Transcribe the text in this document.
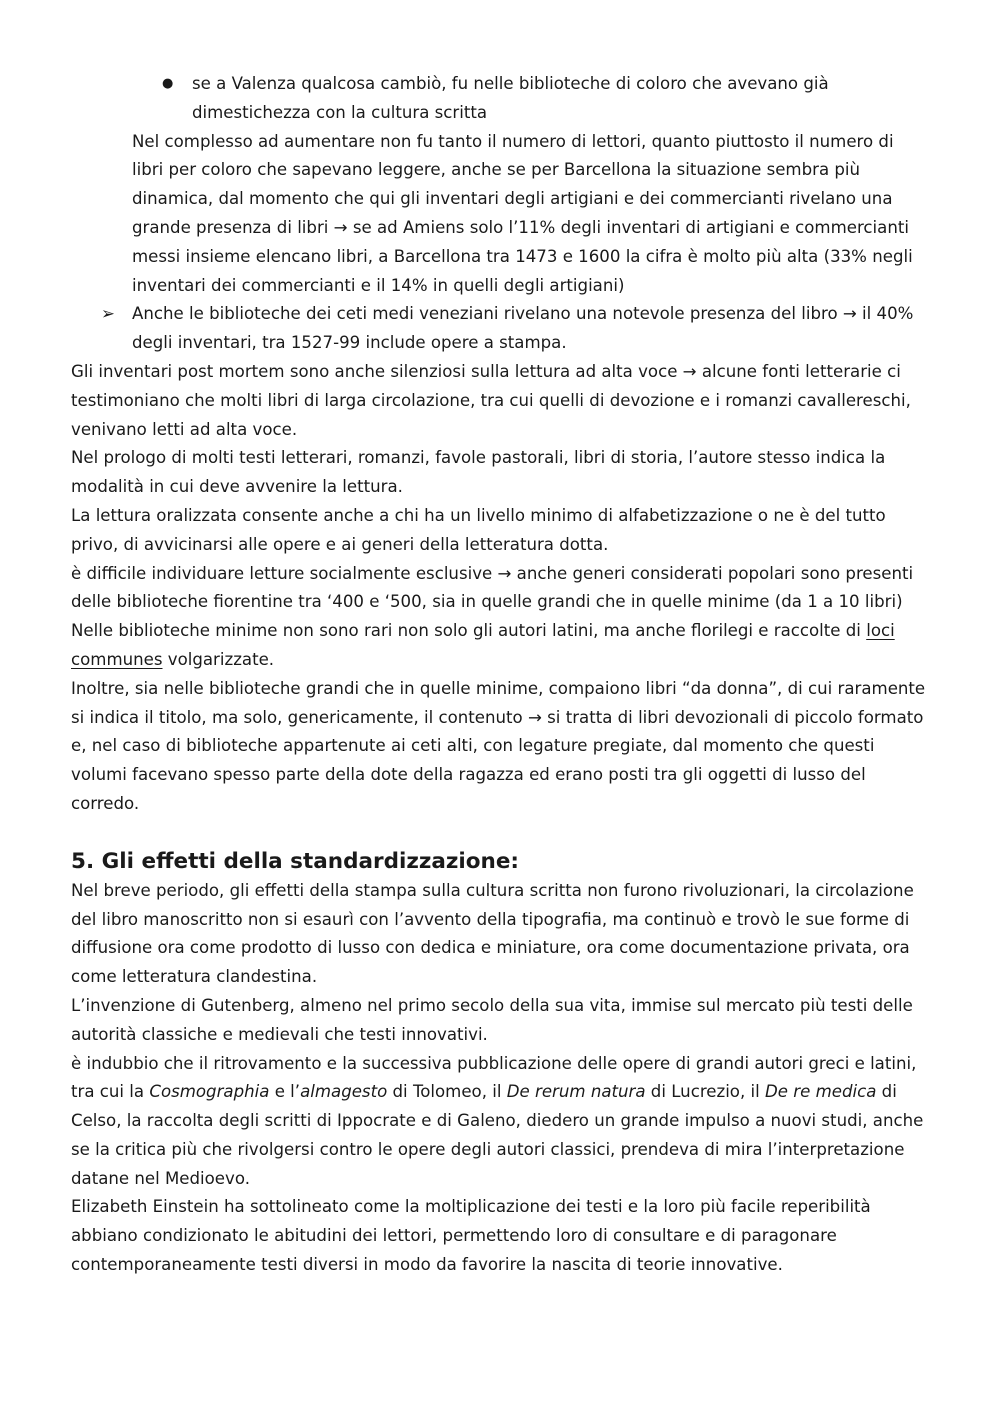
● se a Valenza qualcosa cambiò, fu nelle biblioteche di coloro che avevano già dimestichezza con la cultura scritta

Nel complesso ad aumentare non fu tanto il numero di lettori, quanto piuttosto il numero di libri per coloro che sapevano leggere, anche se per Barcellona la situazione sembra più dinamica, dal momento che qui gli inventari degli artigiani e dei commercianti rivelano una grande presenza di libri → se ad Amiens solo l’11% degli inventari di artigiani e commercianti messi insieme elencano libri, a Barcellona tra 1473 e 1600 la cifra è molto più alta (33% negli inventari dei commercianti e il 14% in quelli degli artigiani)

➢ Anche le biblioteche dei ceti medi veneziani rivelano una notevole presenza del libro → il 40% degli inventari, tra 1527-99 include opere a stampa.

Gli inventari post mortem sono anche silenziosi sulla lettura ad alta voce → alcune fonti letterarie ci testimoniano che molti libri di larga circolazione, tra cui quelli di devozione e i romanzi cavallereschi, venivano letti ad alta voce.

Nel prologo di molti testi letterari, romanzi, favole pastorali, libri di storia, l’autore stesso indica la modalità in cui deve avvenire la lettura.

La lettura oralizzata consente anche a chi ha un livello minimo di alfabetizzazione o ne è del tutto privo, di avvicinarsi alle opere e ai generi della letteratura dotta.

è difficile individuare letture socialmente esclusive → anche generi considerati popolari sono presenti delle biblioteche fiorentine tra ‘400 e ‘500, sia in quelle grandi che in quelle minime (da 1 a 10 libri)

Nelle biblioteche minime non sono rari non solo gli autori latini, ma anche florilegi e raccolte di loci communes volgarizzate.

Inoltre, sia nelle biblioteche grandi che in quelle minime, compaiono libri “da donna”, di cui raramente si indica il titolo, ma solo, genericamente, il contenuto → si tratta di libri devozionali di piccolo formato e, nel caso di biblioteche appartenute ai ceti alti, con legature pregiate, dal momento che questi volumi facevano spesso parte della dote della ragazza ed erano posti tra gli oggetti di lusso del corredo.

5. Gli effetti della standardizzazione:

Nel breve periodo, gli effetti della stampa sulla cultura scritta non furono rivoluzionari, la circolazione del libro manoscritto non si esaurì con l’avvento della tipografia, ma continuò e trovò le sue forme di diffusione ora come prodotto di lusso con dedica e miniature, ora come documentazione privata, ora come letteratura clandestina.

L’invenzione di Gutenberg, almeno nel primo secolo della sua vita, immise sul mercato più testi delle autorità classiche e medievali che testi innovativi.

è indubbio che il ritrovamento e la successiva pubblicazione delle opere di grandi autori greci e latini, tra cui la Cosmographia e l’almagesto di Tolomeo, il De rerum natura di Lucrezio, il De re medica di Celso, la raccolta degli scritti di Ippocrate e di Galeno, diedero un grande impulso a nuovi studi, anche se la critica più che rivolgersi contro le opere degli autori classici, prendeva di mira l’interpretazione datane nel Medioevo.

Elizabeth Einstein ha sottolineato come la moltiplicazione dei testi e la loro più facile reperibilità abbiano condizionato le abitudini dei lettori, permettendo loro di consultare e di paragonare contemporaneamente testi diversi in modo da favorire la nascita di teorie innovative.
